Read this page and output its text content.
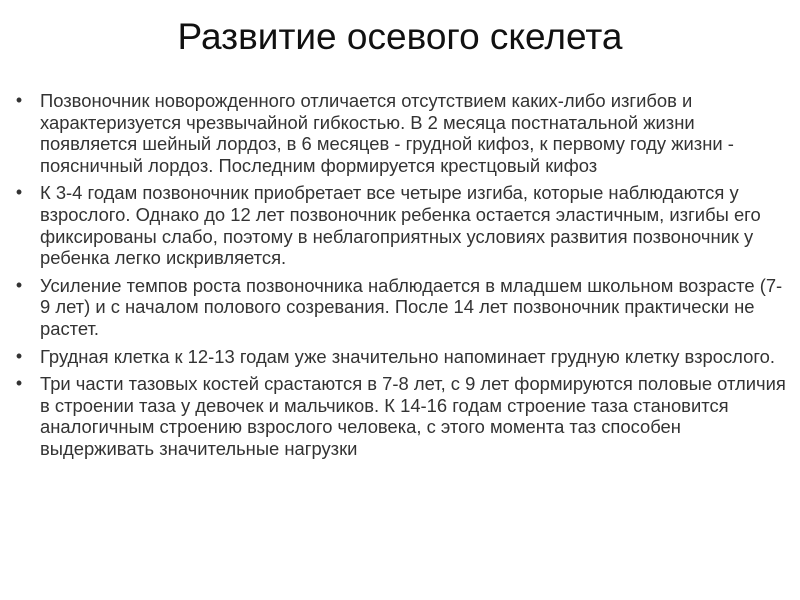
Развитие осевого скелета
• Позвоночник новорожденного отличается отсутствием каких-либо изгибов и характеризуется чрезвычайной гибкостью. В 2 месяца постнатальной жизни появляется шейный лордоз, в 6 месяцев - грудной кифоз, к первому году жизни - поясничный лордоз. Последним формируется крестцовый кифоз
• К 3-4 годам позвоночник приобретает все четыре изгиба, которые наблюдаются у взрослого. Однако до 12 лет позвоночник ребенка остается эластичным, изгибы его фиксированы слабо, поэтому в неблагоприятных условиях развития позвоночник у ребенка легко искривляется.
• Усиление темпов роста позвоночника наблюдается в младшем школьном возрасте (7-9 лет) и с началом полового созревания. После 14 лет позвоночник практически не растет.
• Грудная клетка к 12-13 годам уже значительно напоминает грудную клетку взрослого.
• Три части тазовых костей срастаются в 7-8 лет, с 9 лет формируются половые отличия в строении таза у девочек и мальчиков. К 14-16 годам строение таза становится аналогичным строению взрослого человека, с этого момента таз способен выдерживать значительные нагрузки
